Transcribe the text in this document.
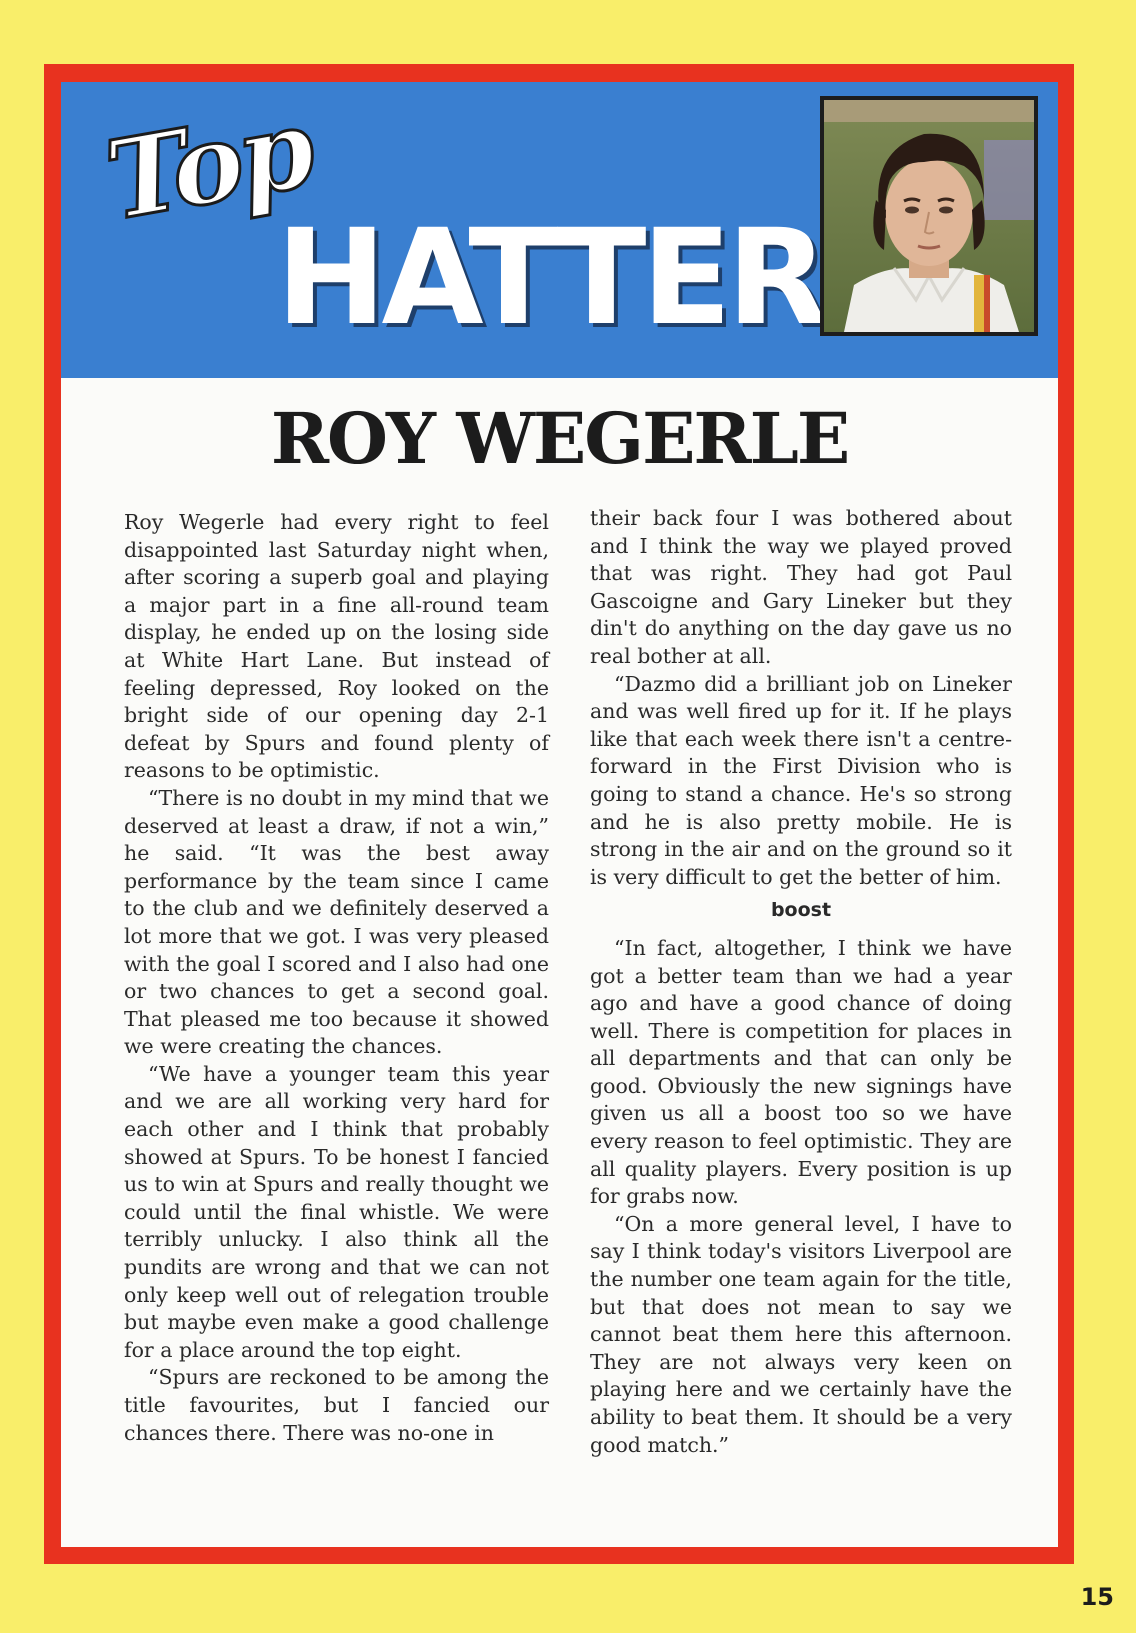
Top
HATTER
ROY WEGERLE

Roy Wegerle had every right to feel disappointed last Saturday night when, after scoring a superb goal and playing a major part in a fine all-round team display, he ended up on the losing side at White Hart Lane. But instead of feeling depressed, Roy looked on the bright side of our opening day 2-1 defeat by Spurs and found plenty of reasons to be optimistic.

“There is no doubt in my mind that we deserved at least a draw, if not a win,” he said. “It was the best away performance by the team since I came to the club and we definitely deserved a lot more that we got. I was very pleased with the goal I scored and I also had one or two chances to get a second goal. That pleased me too because it showed we were creating the chances.

“We have a younger team this year and we are all working very hard for each other and I think that probably showed at Spurs. To be honest I fancied us to win at Spurs and really thought we could until the final whistle. We were terribly unlucky. I also think all the pundits are wrong and that we can not only keep well out of relegation trouble but maybe even make a good challenge for a place around the top eight.

“Spurs are reckoned to be among the title favourites, but I fancied our chances there. There was no-one in

their back four I was bothered about and I think the way we played proved that was right. They had got Paul Gascoigne and Gary Lineker but they din't do anything on the day gave us no real bother at all.

“Dazmo did a brilliant job on Lineker and was well fired up for it. If he plays like that each week there isn't a centre-forward in the First Division who is going to stand a chance. He's so strong and he is also pretty mobile. He is strong in the air and on the ground so it is very difficult to get the better of him.

boost

“In fact, altogether, I think we have got a better team than we had a year ago and have a good chance of doing well. There is competition for places in all departments and that can only be good. Obviously the new signings have given us all a boost too so we have every reason to feel optimistic. They are all quality players. Every position is up for grabs now.

“On a more general level, I have to say I think today's visitors Liverpool are the number one team again for the title, but that does not mean to say we cannot beat them here this afternoon. They are not always very keen on playing here and we certainly have the ability to beat them. It should be a very good match.”

15
